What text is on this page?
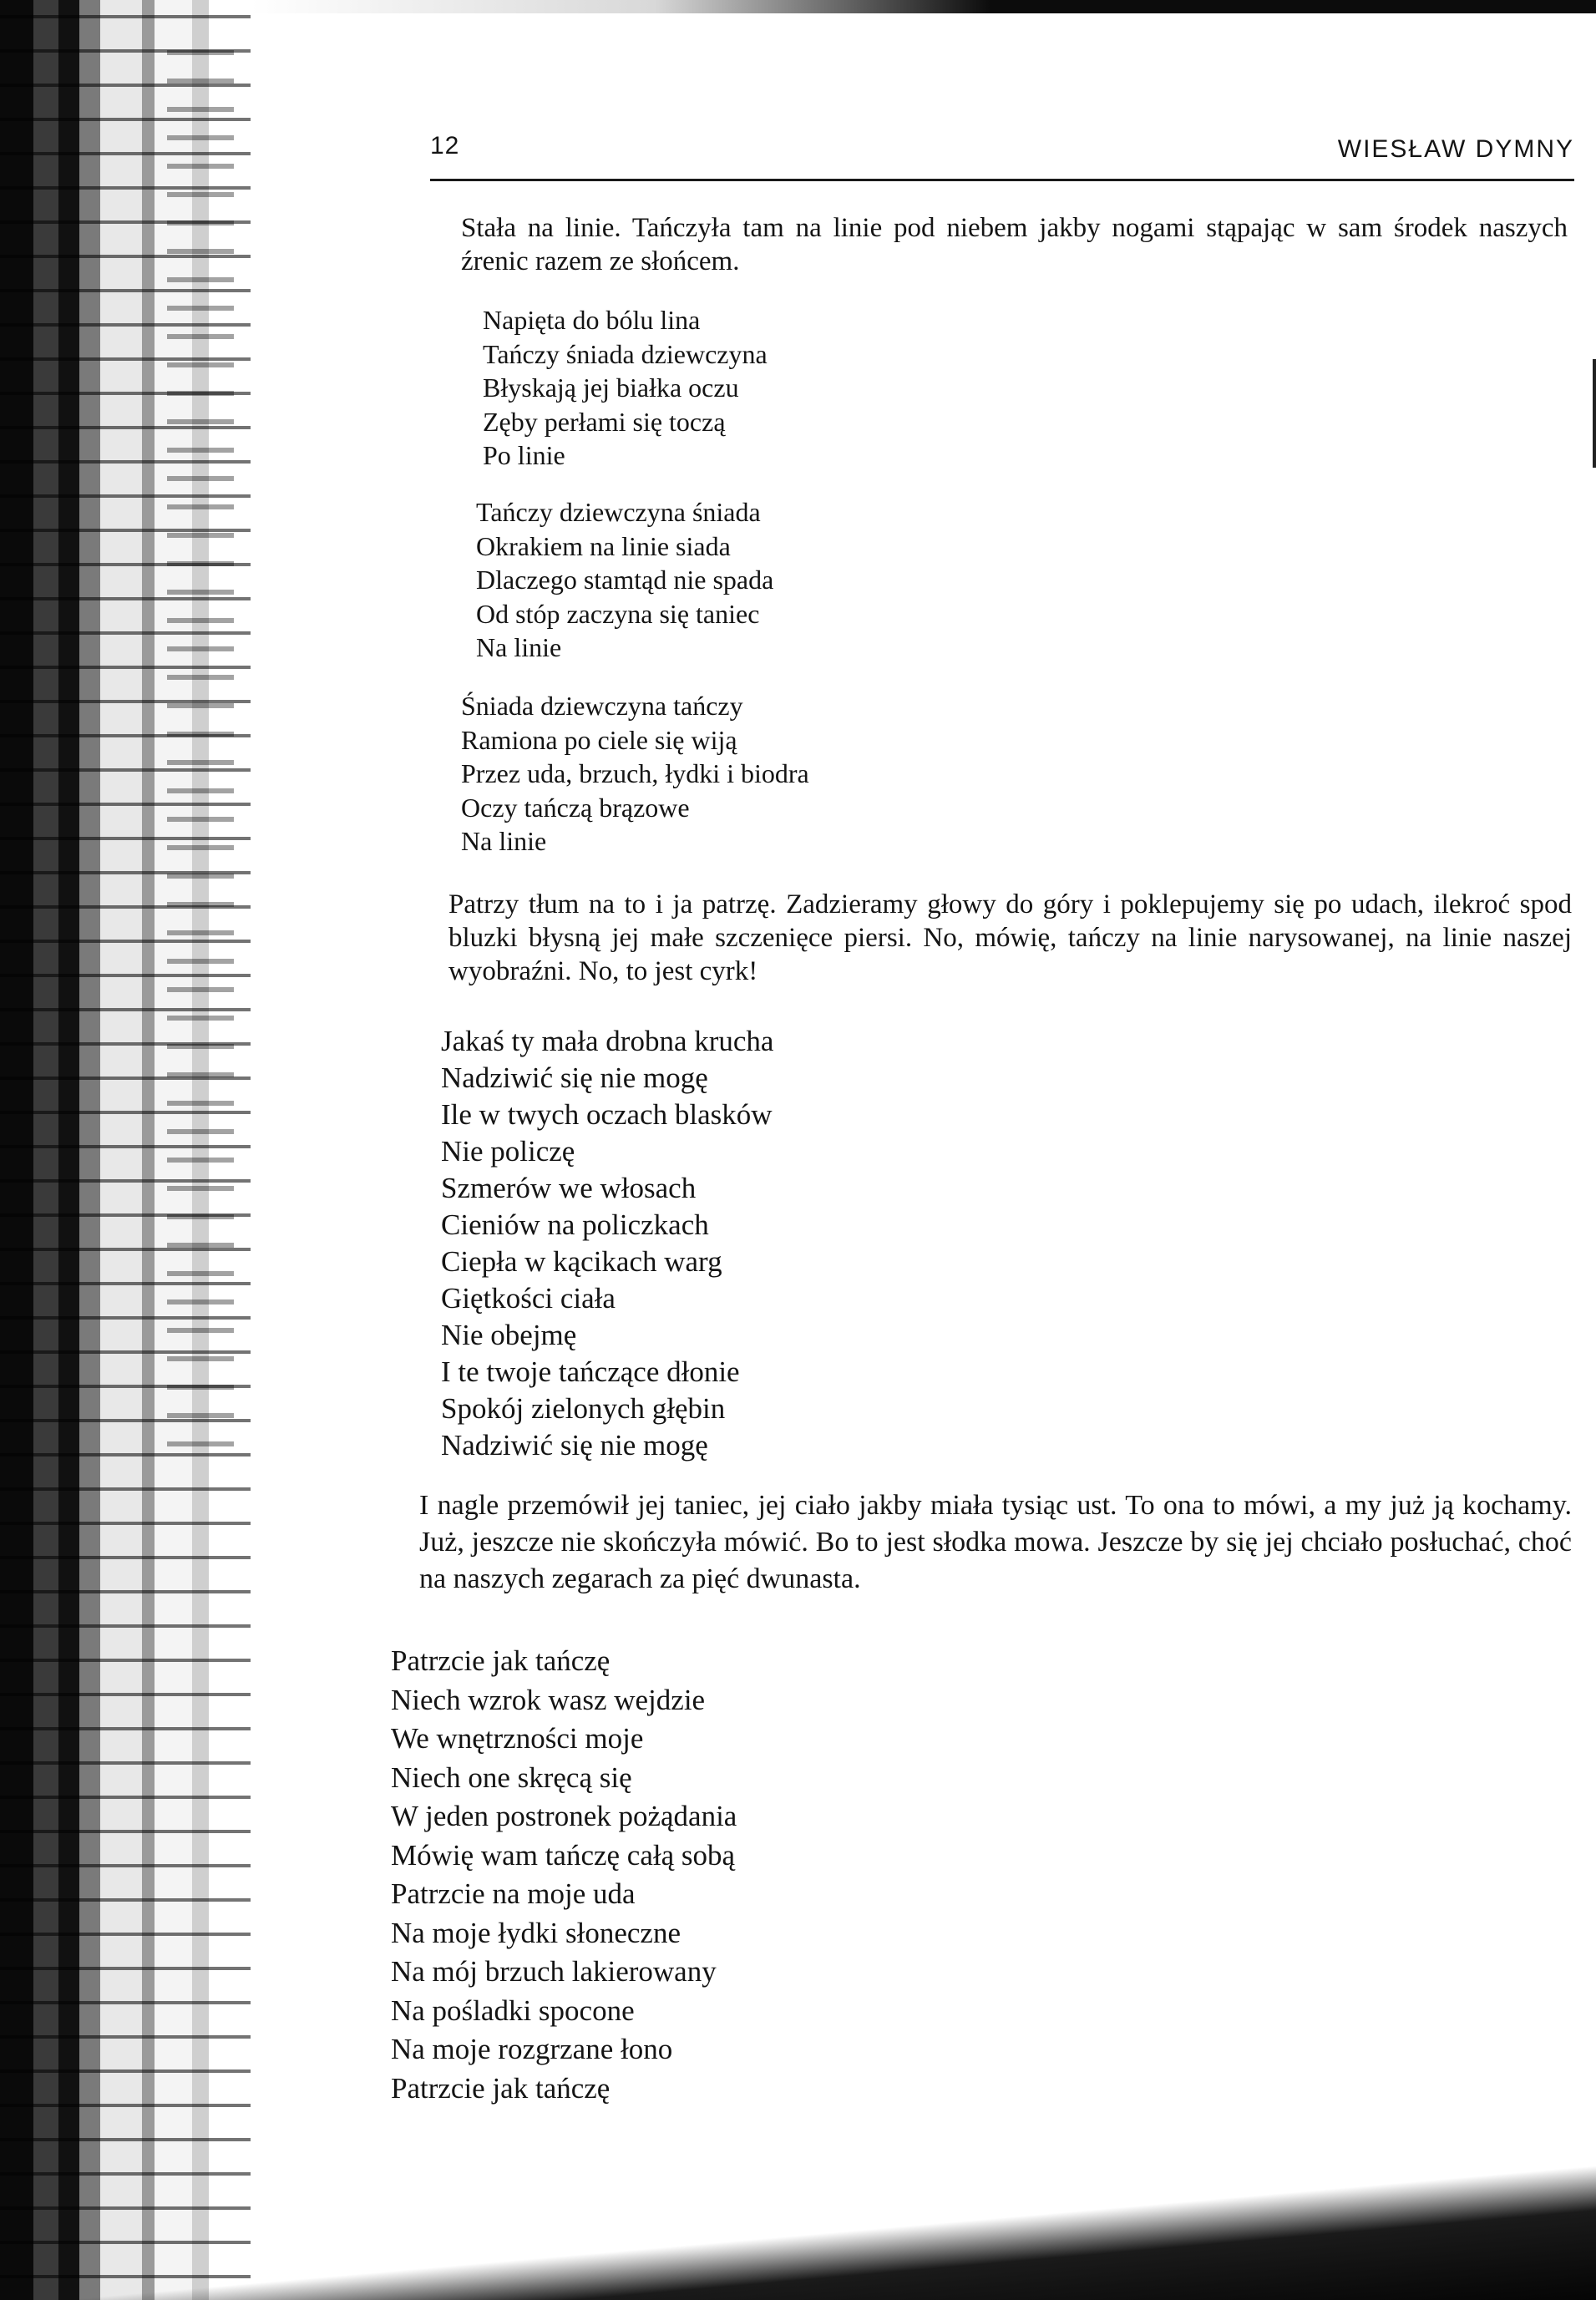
12	WIESŁAW DYMNY

Stała na linie. Tańczyła tam na linie pod niebem jakby nogami stąpając w sam środek naszych źrenic razem ze słońcem.

Napięta do bólu lina
Tańczy śniada dziewczyna
Błyskają jej białka oczu
Zęby perłami się toczą
Po linie
Tańczy dziewczyna śniada
Okrakiem na linie siada
Dlaczego stamtąd nie spada
Od stóp zaczyna się taniec
Na linie
Śniada dziewczyna tańczy
Ramiona po ciele się wiją
Przez uda, brzuch, łydki i biodra
Oczy tańczą brązowe
Na linie

Patrzy tłum na to i ja patrzę. Zadzieramy głowy do góry i poklepujemy się po udach, ilekroć spod bluzki błysną jej małe szczenięce piersi. No, mówię, tańczy na linie narysowanej, na linie naszej wyobraźni. No, to jest cyrk!

Jakaś ty mała drobna krucha
Nadziwić się nie mogę
Ile w twych oczach blasków
Nie policzę
Szmerów we włosach
Cieniów na policzkach
Ciepła w kącikach warg
Giętkości ciała
Nie obejmę
I te twoje tańczące dłonie
Spokój zielonych głębin
Nadziwić się nie mogę

I nagle przemówił jej taniec, jej ciało jakby miała tysiąc ust. To ona to mówi, a my już ją kochamy. Już, jeszcze nie skończyła mówić. Bo to jest słodka mowa. Jeszcze by się jej chciało posłuchać, choć na naszych zegarach za pięć dwunasta.

Patrzcie jak tańczę
Niech wzrok wasz wejdzie
We wnętrzności moje
Niech one skręcą się
W jeden postronek pożądania
Mówię wam tańczę całą sobą
Patrzcie na moje uda
Na moje łydki słoneczne
Na mój brzuch lakierowany
Na pośladki spocone
Na moje rozgrzane łono
Patrzcie jak tańczę
